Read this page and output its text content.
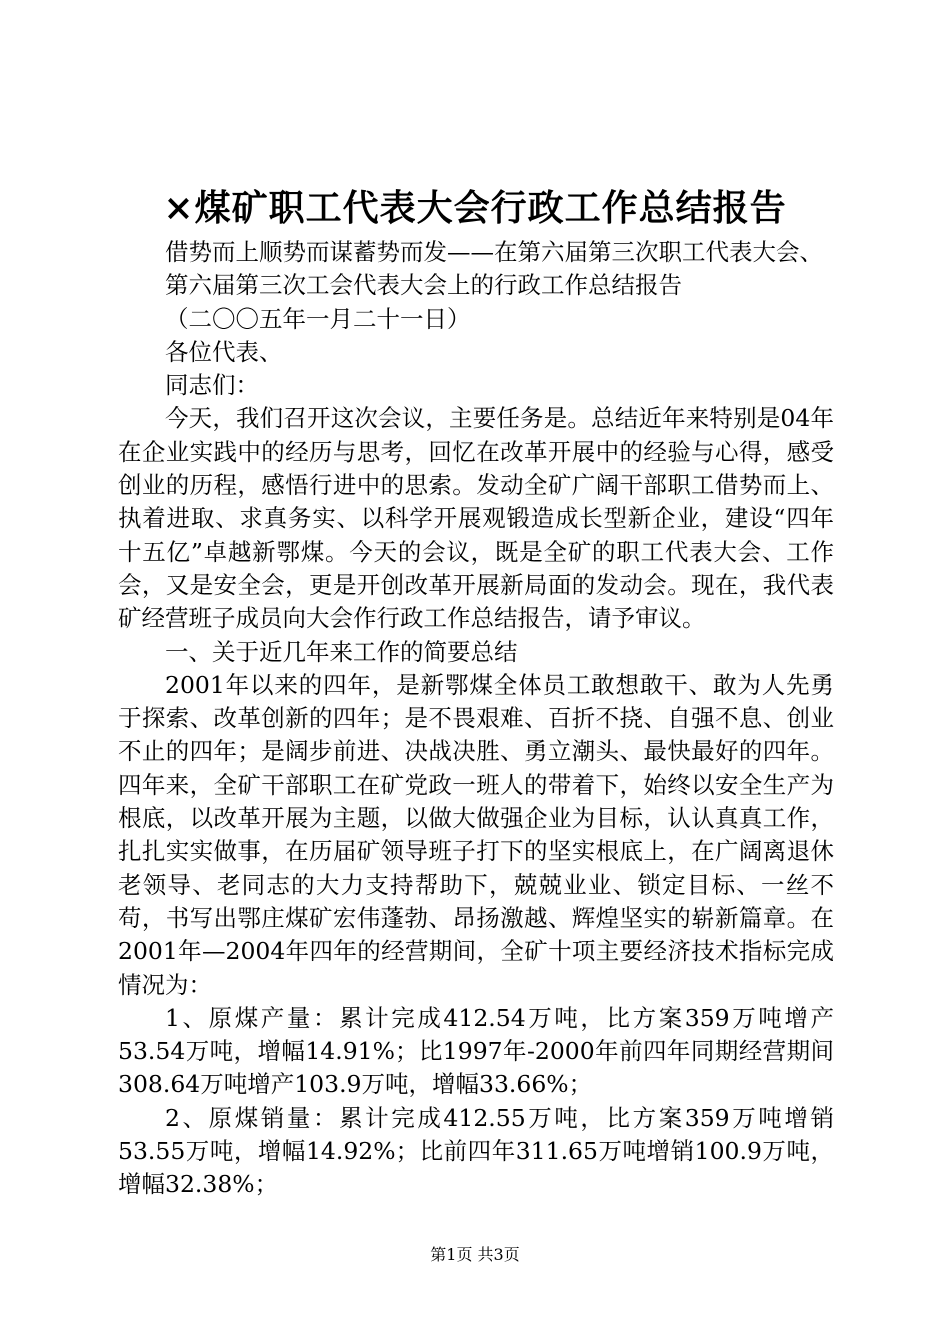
×煤矿职工代表大会行政工作总结报告

借势而上顺势而谋蓄势而发——在第六届第三次职工代表大会、

第六届第三次工会代表大会上的行政工作总结报告

（二〇〇五年一月二十一日）

各位代表、

同志们：

今天，我们召开这次会议，主要任务是。总结近年来特别是04年在企业实践中的经历与思考，回忆在改革开展中的经验与心得，感受创业的历程，感悟行进中的思索。发动全矿广阔干部职工借势而上、执着进取、求真务实、以科学开展观锻造成长型新企业，建设“四年十五亿”卓越新鄂煤。今天的会议，既是全矿的职工代表大会、工作会，又是安全会，更是开创改革开展新局面的发动会。现在，我代表矿经营班子成员向大会作行政工作总结报告，请予审议。

一、关于近几年来工作的简要总结

2001年以来的四年，是新鄂煤全体员工敢想敢干、敢为人先勇于探索、改革创新的四年；是不畏艰难、百折不挠、自强不息、创业不止的四年；是阔步前进、决战决胜、勇立潮头、最快最好的四年。四年来，全矿干部职工在矿党政一班人的带着下，始终以安全生产为根底，以改革开展为主题，以做大做强企业为目标，认认真真工作，扎扎实实做事，在历届矿领导班子打下的坚实根底上，在广阔离退休老领导、老同志的大力支持帮助下，兢兢业业、锁定目标、一丝不苟，书写出鄂庄煤矿宏伟蓬勃、昂扬激越、辉煌坚实的崭新篇章。在2001年—2004年四年的经营期间，全矿十项主要经济技术指标完成情况为：

1、原煤产量：累计完成412.54万吨，比方案359万吨增产53.54万吨，增幅14.91%；比1997年-2000年前四年同期经营期间308.64万吨增产103.9万吨，增幅33.66%；

2、原煤销量：累计完成412.55万吨，比方案359万吨增销53.55万吨，增幅14.92%；比前四年311.65万吨增销100.9万吨，增幅32.38%；

第1页 共3页
